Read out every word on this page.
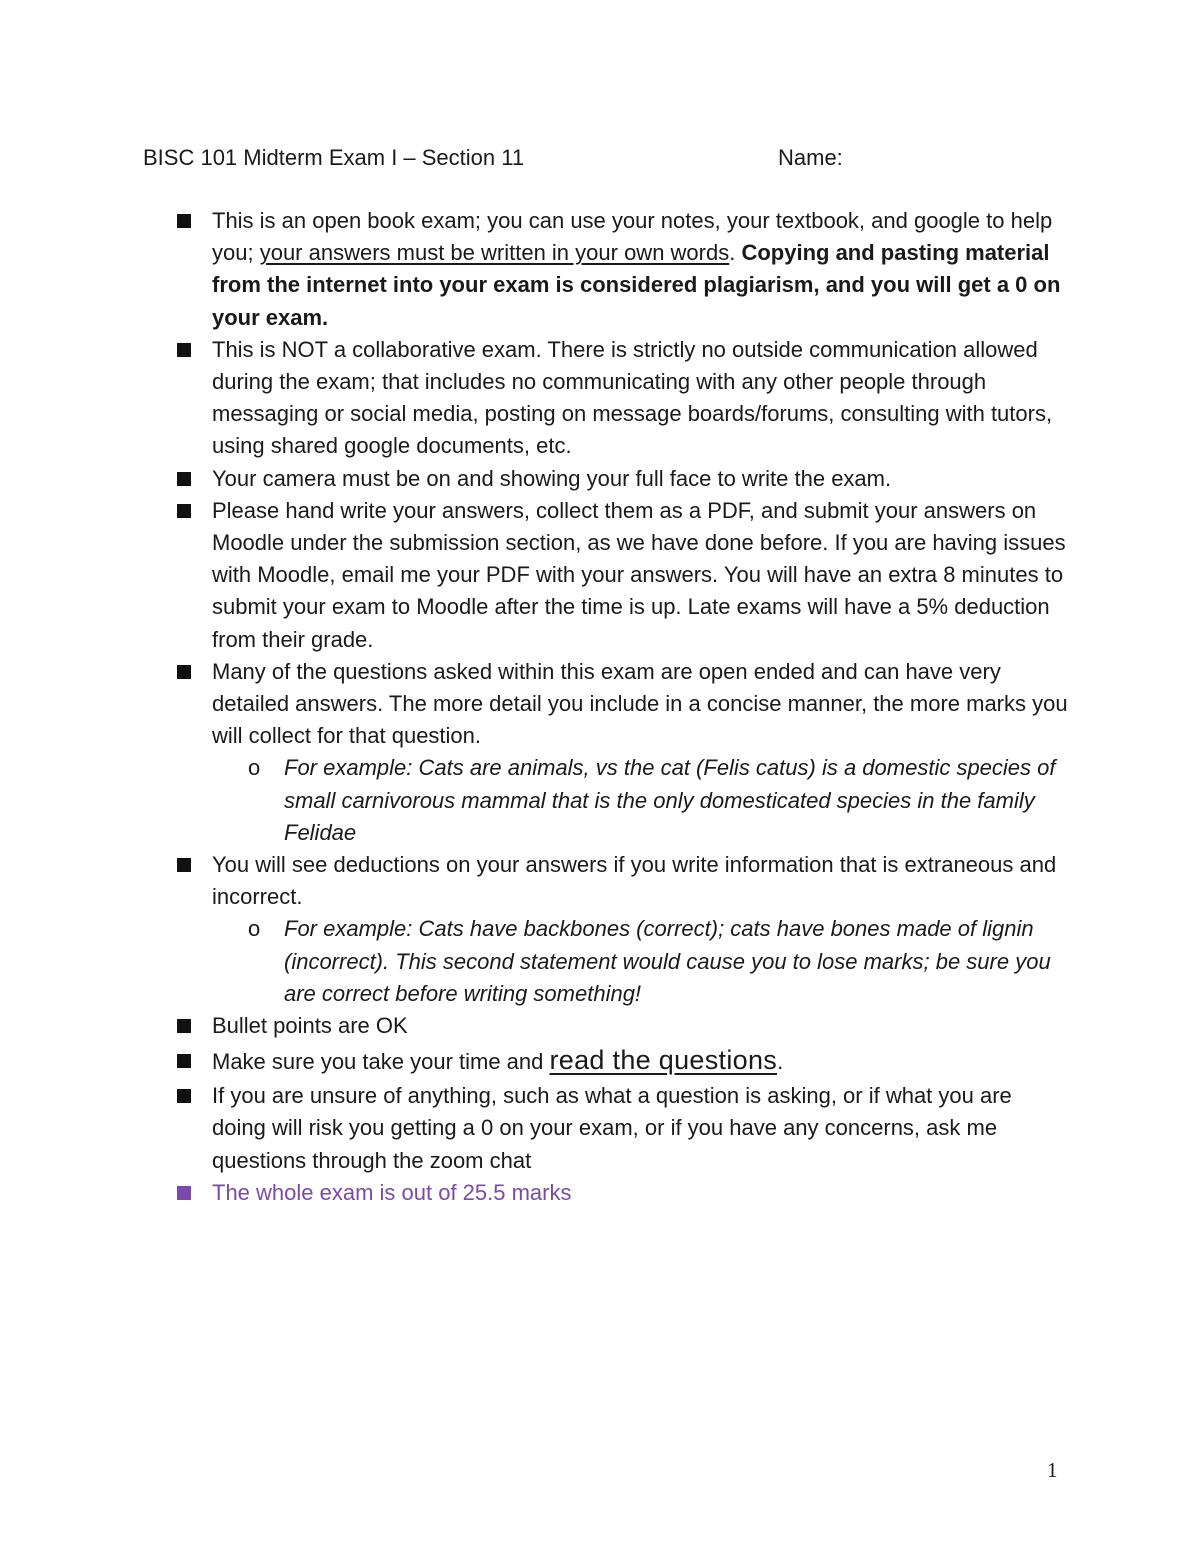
BISC 101 Midterm Exam I – Section 11	Name:
This is an open book exam; you can use your notes, your textbook, and google to help you; your answers must be written in your own words. Copying and pasting material from the internet into your exam is considered plagiarism, and you will get a 0 on your exam.
This is NOT a collaborative exam. There is strictly no outside communication allowed during the exam; that includes no communicating with any other people through messaging or social media, posting on message boards/forums, consulting with tutors, using shared google documents, etc.
Your camera must be on and showing your full face to write the exam.
Please hand write your answers, collect them as a PDF, and submit your answers on Moodle under the submission section, as we have done before. If you are having issues with Moodle, email me your PDF with your answers. You will have an extra 8 minutes to submit your exam to Moodle after the time is up. Late exams will have a 5% deduction from their grade.
Many of the questions asked within this exam are open ended and can have very detailed answers. The more detail you include in a concise manner, the more marks you will collect for that question.
o For example: Cats are animals, vs the cat (Felis catus) is a domestic species of small carnivorous mammal that is the only domesticated species in the family Felidae
You will see deductions on your answers if you write information that is extraneous and incorrect.
o For example: Cats have backbones (correct); cats have bones made of lignin (incorrect). This second statement would cause you to lose marks; be sure you are correct before writing something!
Bullet points are OK
Make sure you take your time and read the questions.
If you are unsure of anything, such as what a question is asking, or if what you are doing will risk you getting a 0 on your exam, or if you have any concerns, ask me questions through the zoom chat
The whole exam is out of 25.5 marks
1
